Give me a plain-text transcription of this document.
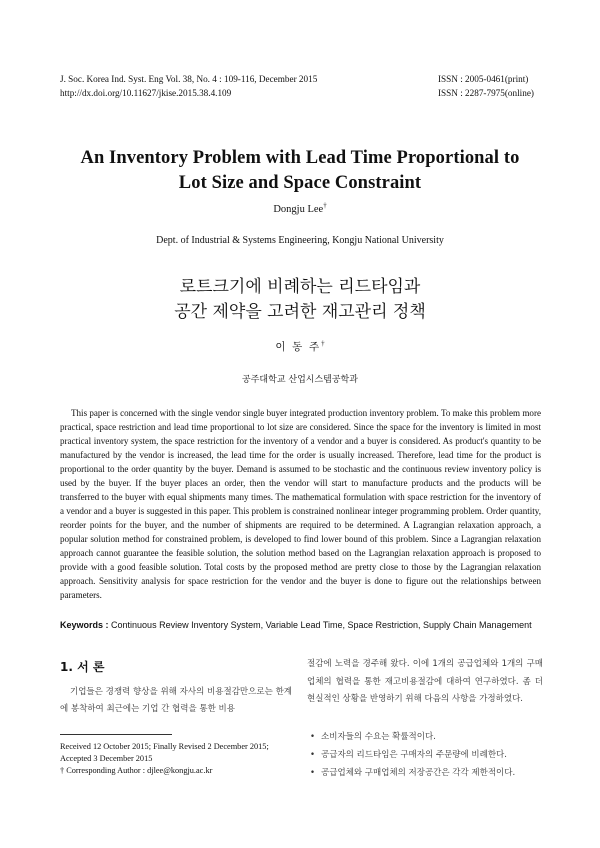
J. Soc. Korea Ind. Syst. Eng Vol. 38, No. 4 : 109-116, December 2015
http://dx.doi.org/10.11627/jkise.2015.38.4.109
ISSN : 2005-0461(print)
ISSN : 2287-7975(online)
An Inventory Problem with Lead Time Proportional to
Lot Size and Space Constraint
Dongju Lee†
Dept. of Industrial & Systems Engineering, Kongju National University
로트크기에 비례하는 리드타임과
공간 제약을 고려한 재고관리 정책
이 동 주†
공주대학교 산업시스템공학과
This paper is concerned with the single vendor single buyer integrated production inventory problem. To make this problem more practical, space restriction and lead time proportional to lot size are considered. Since the space for the inventory is limited in most practical inventory system, the space restriction for the inventory of a vendor and a buyer is considered. As product's quantity to be manufactured by the vendor is increased, the lead time for the order is usually increased. Therefore, lead time for the product is proportional to the order quantity by the buyer. Demand is assumed to be stochastic and the continuous review inventory policy is used by the buyer. If the buyer places an order, then the vendor will start to manufacture products and the products will be transferred to the buyer with equal shipments many times. The mathematical formulation with space restriction for the inventory of a vendor and a buyer is suggested in this paper. This problem is constrained nonlinear integer programming problem. Order quantity, reorder points for the buyer, and the number of shipments are required to be determined. A Lagrangian relaxation approach, a popular solution method for constrained problem, is developed to find lower bound of this problem. Since a Lagrangian relaxation approach cannot guarantee the feasible solution, the solution method based on the Lagrangian relaxation approach is proposed to provide with a good feasible solution. Total costs by the proposed method are pretty close to those by the Lagrangian relaxation approach. Sensitivity analysis for space restriction for the vendor and the buyer is done to figure out the relationships between parameters.
Keywords : Continuous Review Inventory System, Variable Lead Time, Space Restriction, Supply Chain Management
1. 서 론
기업들은 경쟁력 향상을 위해 자사의 비용절감만으로는 한계에 봉착하여 최근에는 기업 간 협력을 통한 비용
Received 12 October 2015; Finally Revised 2 December 2015;
Accepted 3 December 2015
† Corresponding Author : djlee@kongju.ac.kr
절감에 노력을 경주해 왔다. 이에 1개의 공급업체와 1개의 구매업체의 협력을 통한 재고비용절감에 대하여 연구하였다. 좀 더 현실적인 상황을 반영하기 위해 다음의 사항을 가정하였다.
• 소비자들의 수요는 확률적이다.
• 공급자의 리드타임은 구매자의 주문량에 비례한다.
• 공급업체와 구매업체의 저장공간은 각각 제한적이다.
